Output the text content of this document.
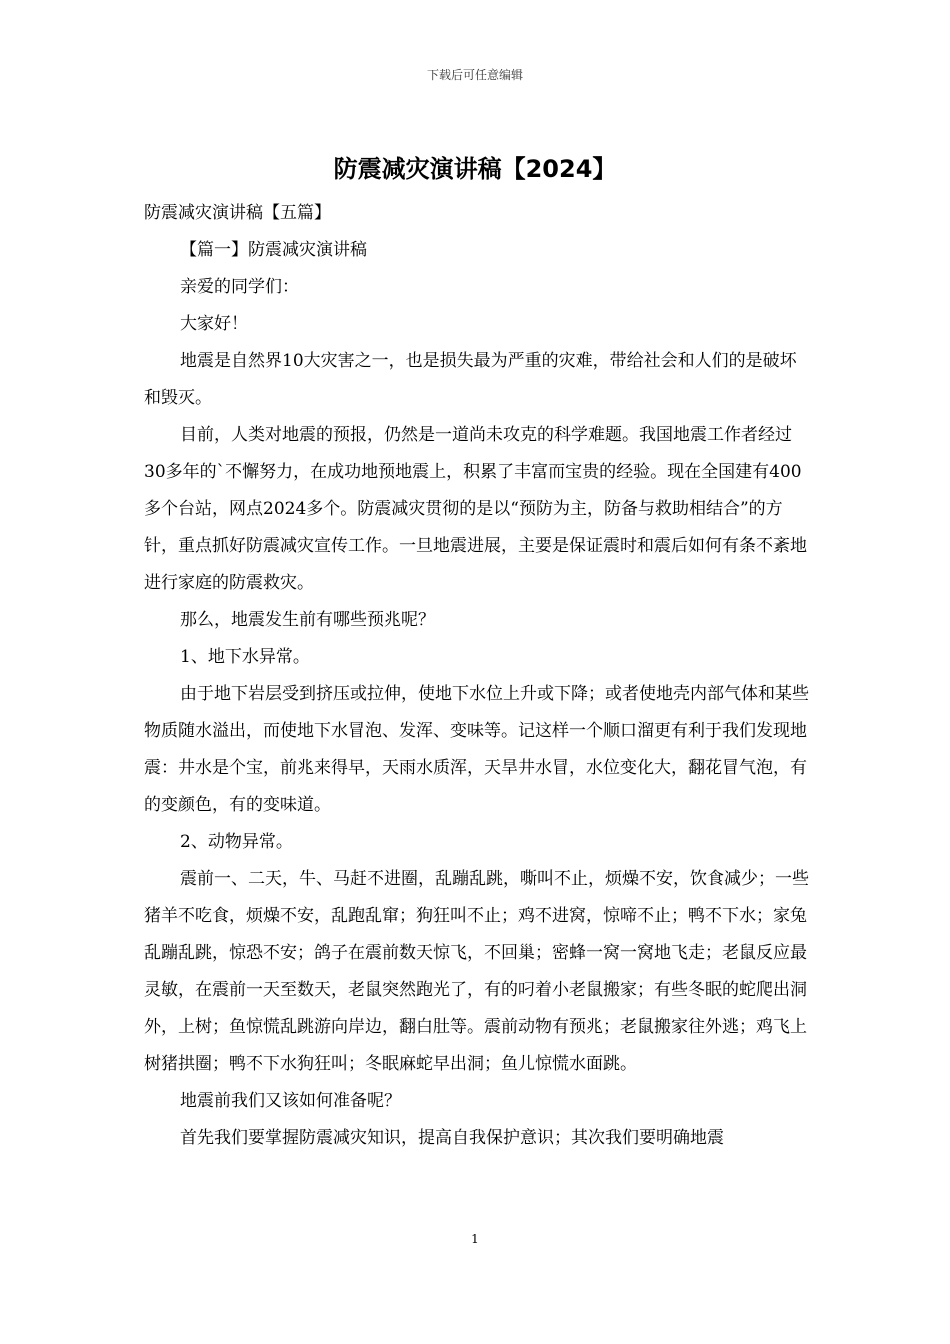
下载后可任意编辑
防震减灾演讲稿【2024】

防震减灾演讲稿【五篇】

【篇一】防震减灾演讲稿

亲爱的同学们：

大家好！

地震是自然界10大灾害之一，也是损失最为严重的灾难，带给社会和人们的是破坏和毁灭。

目前，人类对地震的预报，仍然是一道尚未攻克的科学难题。我国地震工作者经过30多年的`不懈努力，在成功地预地震上，积累了丰富而宝贵的经验。现在全国建有400多个台站，网点2024多个。防震减灾贯彻的是以“预防为主，防备与救助相结合”的方针，重点抓好防震减灾宣传工作。一旦地震进展，主要是保证震时和震后如何有条不紊地进行家庭的防震救灾。

那么，地震发生前有哪些预兆呢？

1、地下水异常。

由于地下岩层受到挤压或拉伸，使地下水位上升或下降；或者使地壳内部气体和某些物质随水溢出，而使地下水冒泡、发浑、变味等。记这样一个顺口溜更有利于我们发现地震：井水是个宝，前兆来得早，天雨水质浑，天旱井水冒，水位变化大，翻花冒气泡，有的变颜色，有的变味道。

2、动物异常。

震前一、二天，牛、马赶不进圈，乱蹦乱跳，嘶叫不止，烦燥不安，饮食减少；一些猪羊不吃食，烦燥不安，乱跑乱窜；狗狂叫不止；鸡不进窝，惊啼不止；鸭不下水；家兔乱蹦乱跳，惊恐不安；鸽子在震前数天惊飞，不回巢；密蜂一窝一窝地飞走；老鼠反应最灵敏，在震前一天至数天，老鼠突然跑光了，有的叼着小老鼠搬家；有些冬眠的蛇爬出洞外，上树；鱼惊慌乱跳游向岸边，翻白肚等。震前动物有预兆；老鼠搬家往外逃；鸡飞上树猪拱圈；鸭不下水狗狂叫；冬眠麻蛇早出洞；鱼儿惊慌水面跳。

地震前我们又该如何准备呢？

首先我们要掌握防震减灾知识，提高自我保护意识；其次我们要明确地震

1
